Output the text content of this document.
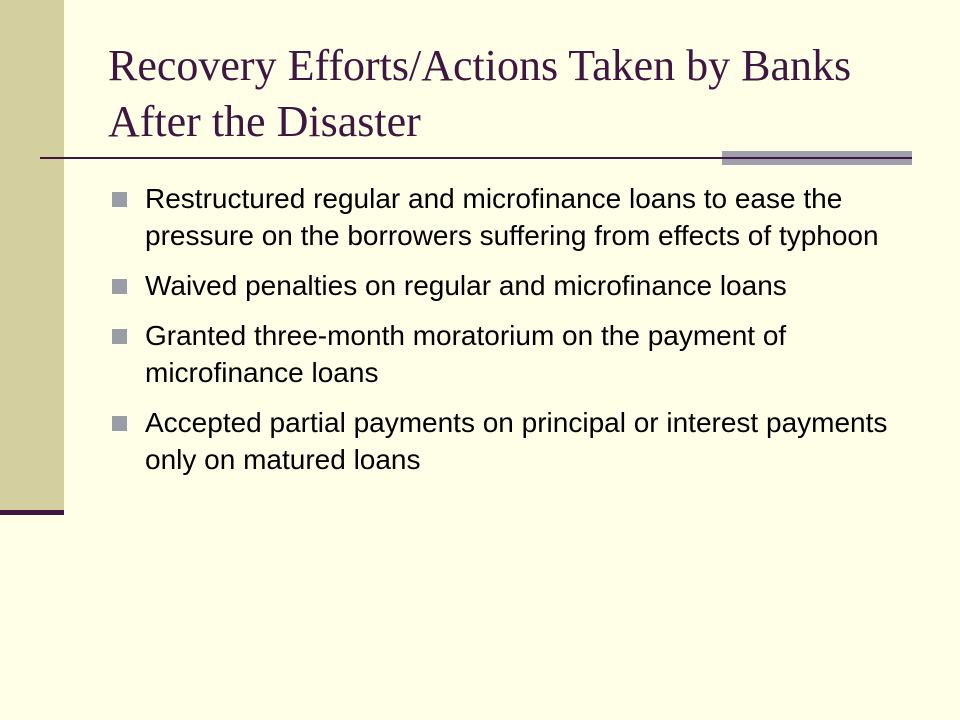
Recovery Efforts/Actions Taken by Banks After the Disaster
Restructured regular and microfinance loans to ease the pressure on the borrowers suffering from effects of typhoon
Waived penalties on regular and microfinance loans
Granted three-month moratorium on the payment of microfinance loans
Accepted partial payments on principal or interest payments only on matured loans
